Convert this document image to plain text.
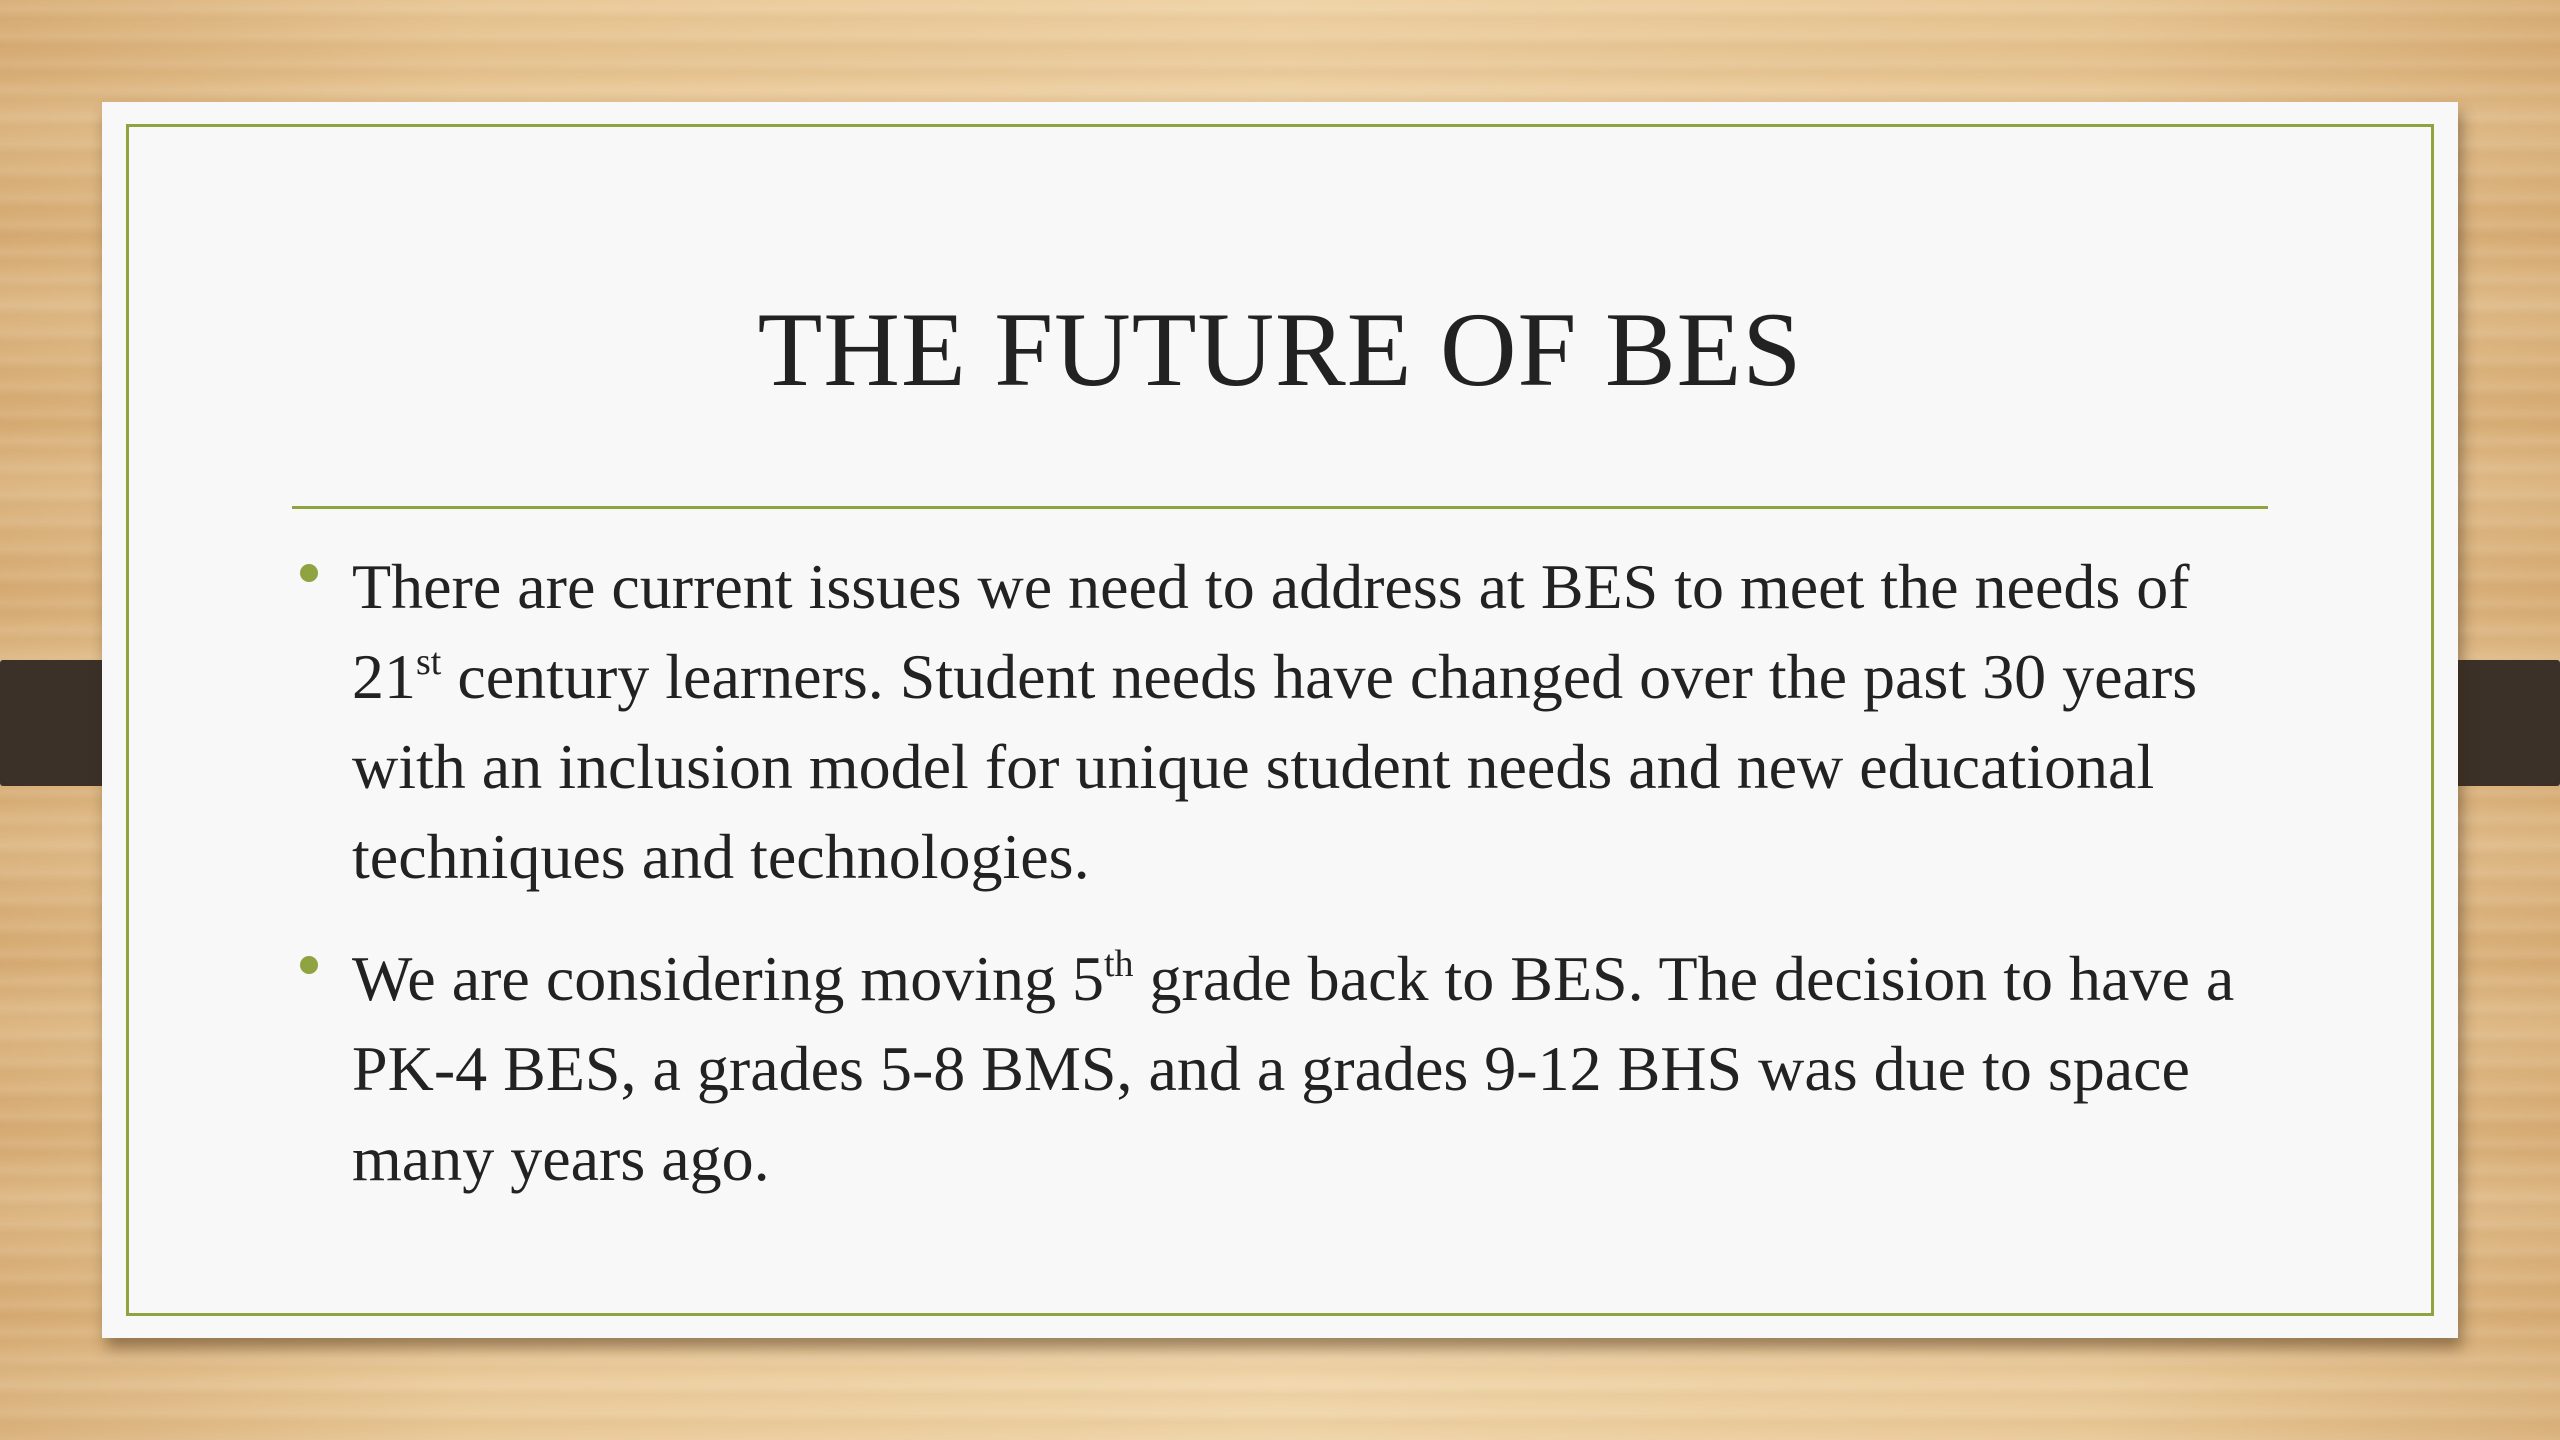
THE FUTURE OF BES
There are current issues we need to address at BES to meet the needs of 21st century learners. Student needs have changed over the past 30 years with an inclusion model for unique student needs and new educational techniques and technologies.
We are considering moving 5th grade back to BES. The decision to have a PK-4 BES, a grades 5-8 BMS, and a grades 9-12 BHS was due to space many years ago.
